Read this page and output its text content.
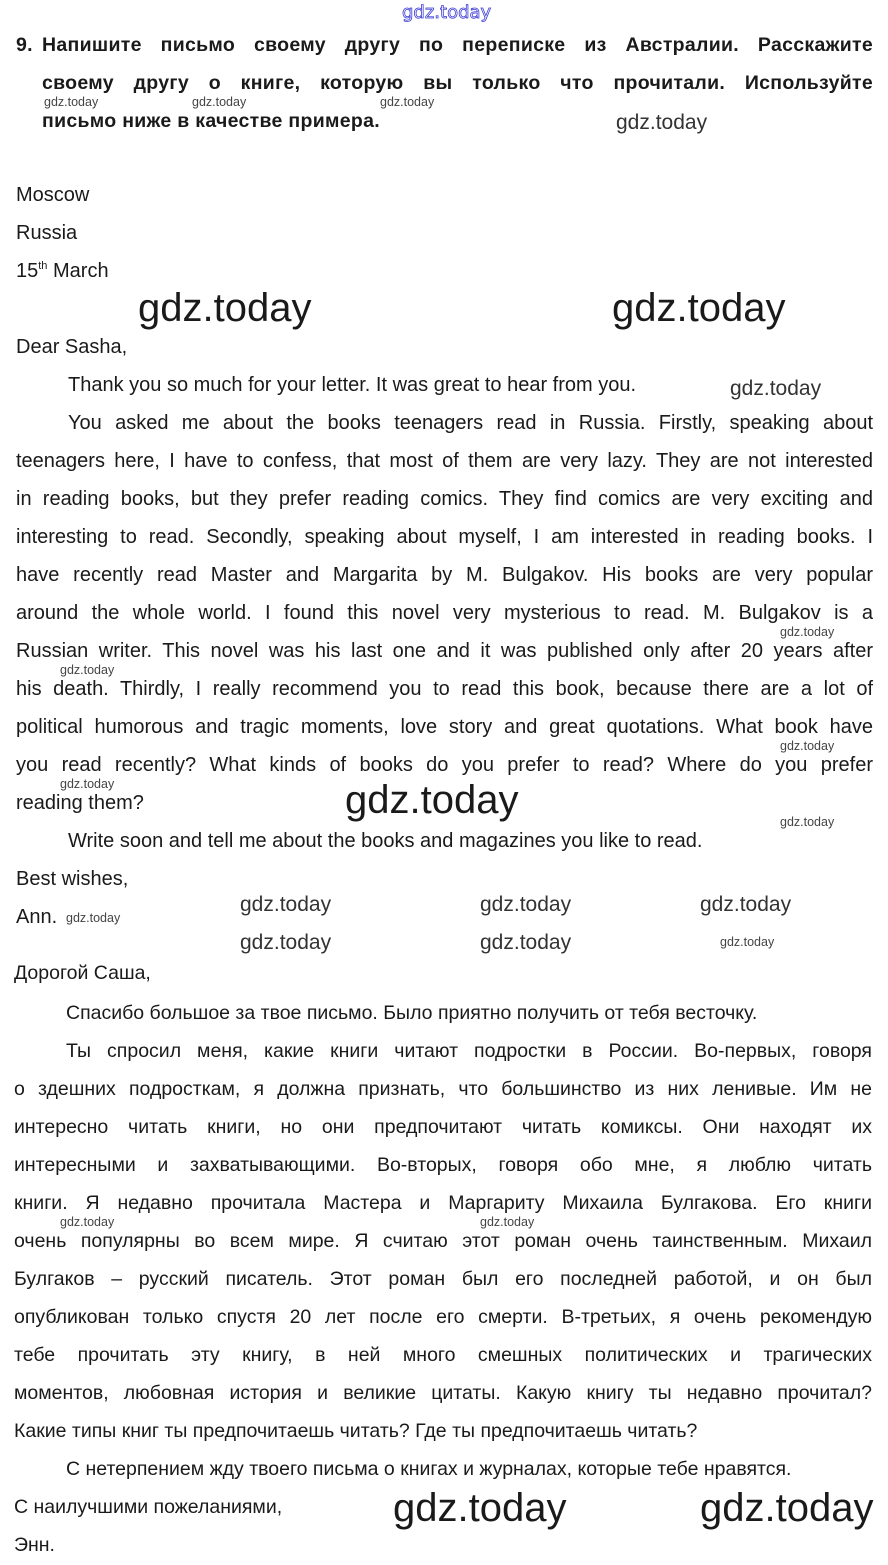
9.
Moscow
Russia
15th March
Dear Sasha,
Best wishes,
Ann.
Дорогой Саша,
С наилучшими пожеланиями,
Энн.
Напишите письмо своему другу по переписке из Австралии. Расскажите
своему другу о книге, которую вы только что прочитали. Используйте
письмо ниже в качестве примера.
Thank you so much for your letter. It was great to hear from you.
You asked me about the books teenagers read in Russia. Firstly, speaking about
teenagers here, I have to confess, that most of them are very lazy. They are not interested
in reading books, but they prefer reading comics. They find comics are very exciting and
interesting to read. Secondly, speaking about myself, I am interested in reading books. I
have recently read Master and Margarita by M. Bulgakov. His books are very popular
around the whole world. I found this novel very mysterious to read. M. Bulgakov is a
Russian writer. This novel was his last one and it was published only after 20 years after
his death. Thirdly, I really recommend you to read this book, because there are a lot of
political humorous and tragic moments, love story and great quotations. What book have
you read recently? What kinds of books do you prefer to read? Where do you prefer
reading them?
Write soon and tell me about the books and magazines you like to read.
Спасибо большое за твое письмо. Было приятно получить от тебя весточку.
Ты спросил меня, какие книги читают подростки в России. Во-первых, говоря
о здешних подросткам, я должна признать, что большинство из них ленивые. Им не
интересно читать книги, но они предпочитают читать комиксы. Они находят их
интересными и захватывающими. Во-вторых, говоря обо мне, я люблю читать
книги. Я недавно прочитала Мастера и Маргариту Михаила Булгакова. Его книги
очень популярны во всем мире. Я считаю этот роман очень таинственным. Михаил
Булгаков – русский писатель. Этот роман был его последней работой, и он был
опубликован только спустя 20 лет после его смерти. В-третьих, я очень рекомендую
тебе прочитать эту книгу, в ней много смешных политических и трагических
моментов, любовная история и великие цитаты. Какую книгу ты недавно прочитал?
Какие типы книг ты предпочитаешь читать? Где ты предпочитаешь читать?
С нетерпением жду твоего письма о книгах и журналах, которые тебе нравятся.
gdz.today
gdz.today	gdz.today
gdz.today
gdz.today	gdz.today
gdz.today
gdz.today
gdz.today	gdz.today	gdz.today
gdz.today	gdz.today
gdz.today	gdz.today	gdz.today
gdz.today
gdz.today
gdz.today
gdz.today
gdz.today
gdz.today
gdz.today
gdz.today	gdz.today
